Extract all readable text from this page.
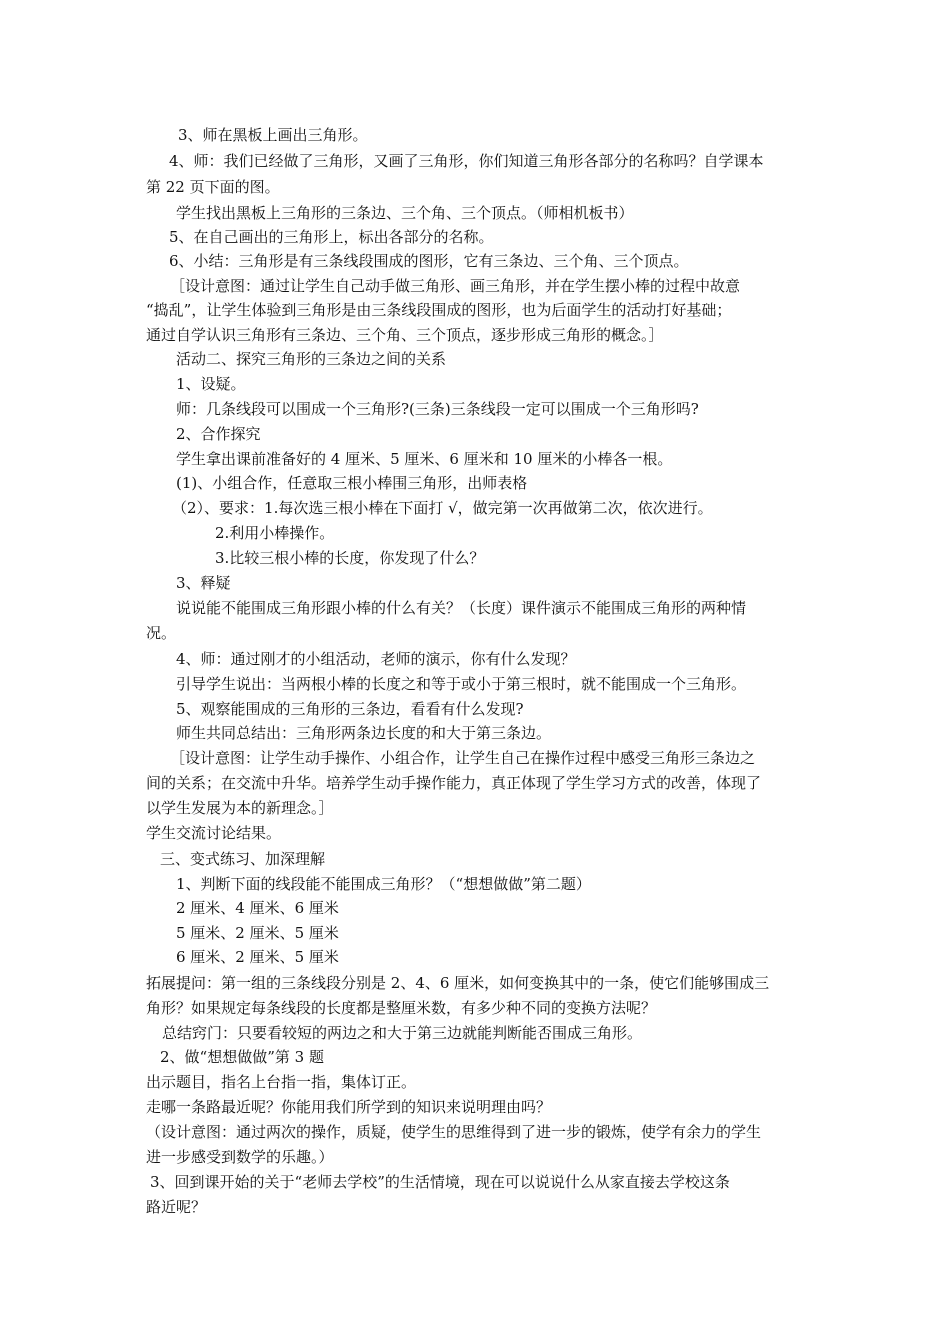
3、师在黑板上画出三角形。
4、师：我们已经做了三角形，又画了三角形，你们知道三角形各部分的名称吗？自学课本
第 22 页下面的图。
学生找出黑板上三角形的三条边、三个角、三个顶点。（师相机板书）
5、在自己画出的三角形上，标出各部分的名称。
6、小结：三角形是有三条线段围成的图形，它有三条边、三个角、三个顶点。
［设计意图：通过让学生自己动手做三角形、画三角形，并在学生摆小棒的过程中故意
“捣乱”，让学生体验到三角形是由三条线段围成的图形，也为后面学生的活动打好基础；
通过自学认识三角形有三条边、三个角、三个顶点，逐步形成三角形的概念。］
活动二、探究三角形的三条边之间的关系
1、设疑。
师：几条线段可以围成一个三角形?(三条)三条线段一定可以围成一个三角形吗?
2、合作探究
学生拿出课前准备好的 4 厘米、5 厘米、6 厘米和 10 厘米的小棒各一根。
(1)、小组合作，任意取三根小棒围三角形，出师表格
（2）、要求：1.每次选三根小棒在下面打 √，做完第一次再做第二次，依次进行。
2.利用小棒操作。
3.比较三根小棒的长度，你发现了什么？
3、释疑
说说能不能围成三角形跟小棒的什么有关？（长度）课件演示不能围成三角形的两种情
况。
4、师：通过刚才的小组活动，老师的演示，你有什么发现？
引导学生说出：当两根小棒的长度之和等于或小于第三根时，就不能围成一个三角形。
5、观察能围成的三角形的三条边，看看有什么发现?
师生共同总结出：三角形两条边长度的和大于第三条边。
［设计意图：让学生动手操作、小组合作，让学生自己在操作过程中感受三角形三条边之
间的关系；在交流中升华。培养学生动手操作能力，真正体现了学生学习方式的改善，体现了
以学生发展为本的新理念。］
学生交流讨论结果。
三、变式练习、加深理解
1、判断下面的线段能不能围成三角形？（“想想做做”第二题）
2 厘米、4 厘米、6 厘米
5 厘米、2 厘米、5 厘米
6 厘米、2 厘米、5 厘米
拓展提问：第一组的三条线段分别是 2、4、6 厘米，如何变换其中的一条，使它们能够围成三
角形？如果规定每条线段的长度都是整厘米数，有多少种不同的变换方法呢？
总结窍门：只要看较短的两边之和大于第三边就能判断能否围成三角形。
2、做“想想做做”第 3 题
出示题目，指名上台指一指，集体订正。
走哪一条路最近呢？你能用我们所学到的知识来说明理由吗？
（设计意图：通过两次的操作，质疑，使学生的思维得到了进一步的锻炼，使学有余力的学生
进一步感受到数学的乐趣。）
3、回到课开始的关于“老师去学校”的生活情境，现在可以说说什么从家直接去学校这条
路近呢？
